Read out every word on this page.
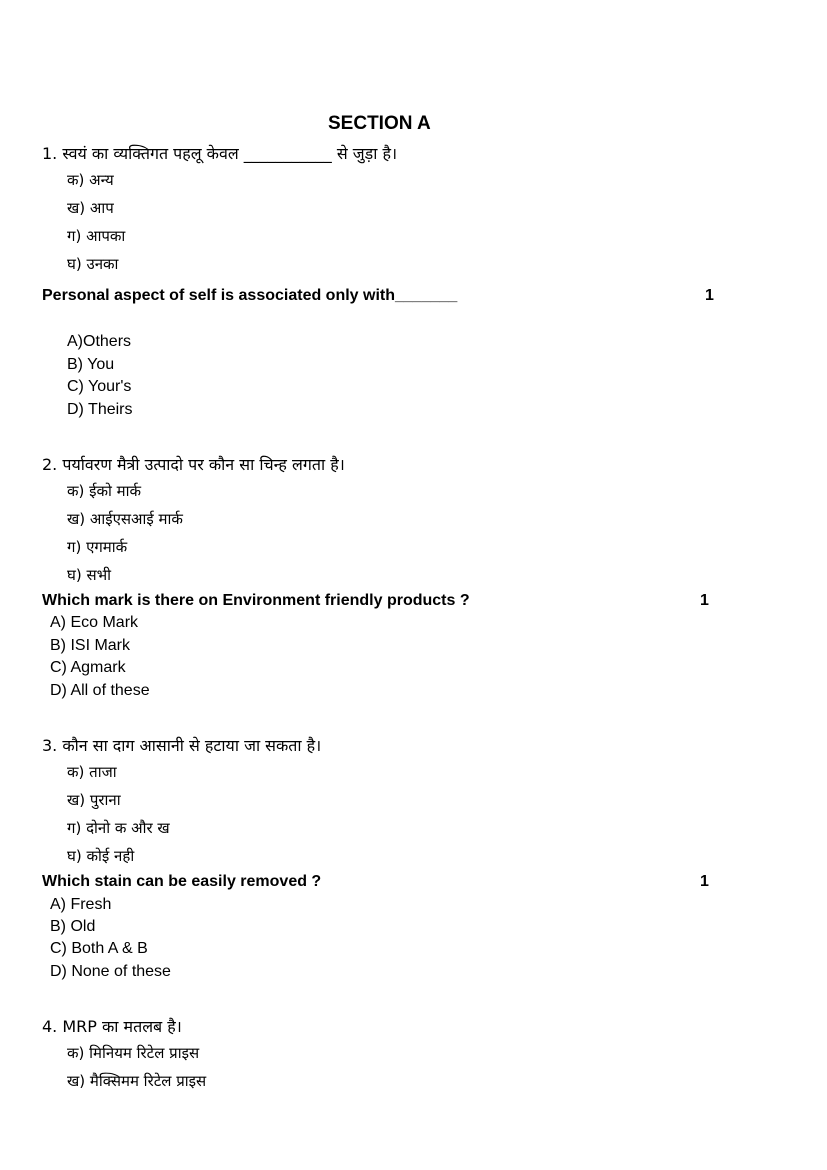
SECTION A
1. स्वयं का व्यक्तिगत पहलू केवल ___________ से जुड़ा है।
क) अन्य
ख) आप
ग) आपका
घ) उनका
Personal aspect of self is associated only with_______	1
A)Others
B) You
C) Your's
D) Theirs
2. पर्यावरण मैत्री उत्पादो पर कौन सा चिन्ह लगता है।
क) ईको मार्क
ख) आईएसआई मार्क
ग) एगमार्क
घ) सभी
Which mark is there on Environment friendly products ?	1
A) Eco Mark
B) ISI Mark
C) Agmark
D) All of these
3. कौन सा दाग आसानी से हटाया जा सकता है।
क) ताजा
ख) पुराना
ग) दोनो क और ख
घ) कोई नही
Which stain can be easily removed ?	1
A) Fresh
B) Old
C) Both A & B
D) None of these
4. MRP का मतलब है।
क) मिनियम रिटेल प्राइस
ख) मैक्सिमम रिटेल प्राइस
